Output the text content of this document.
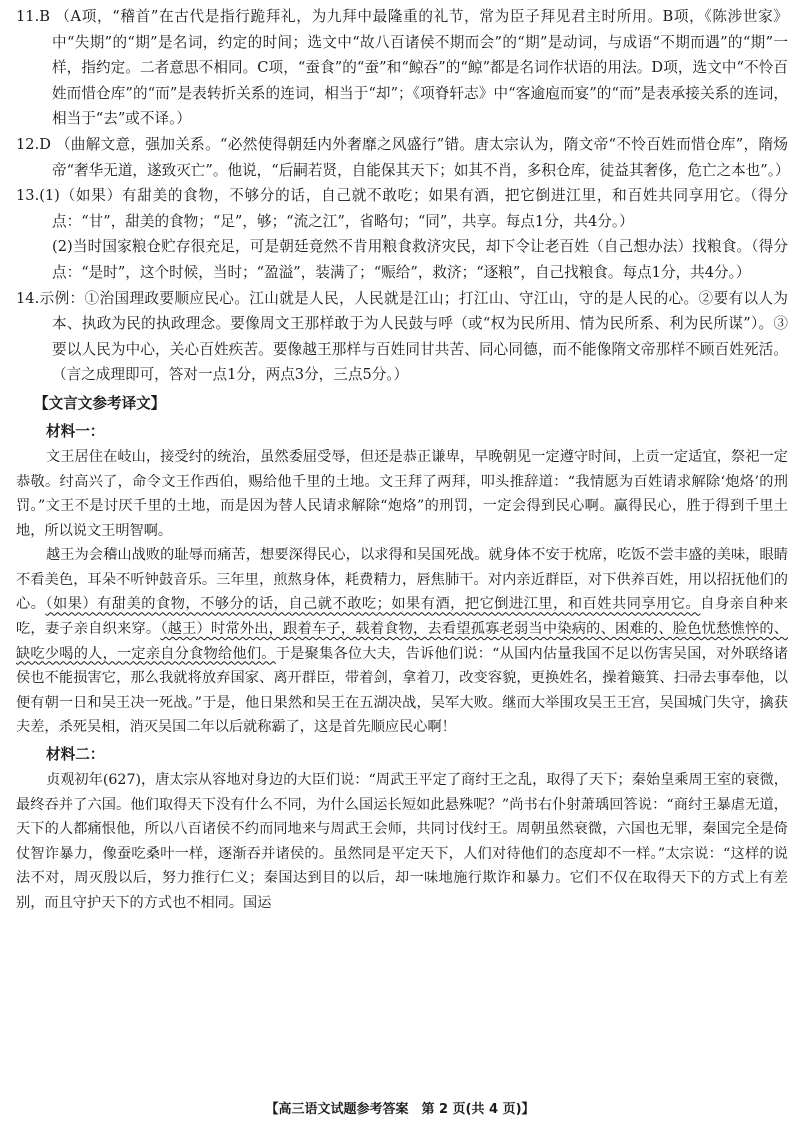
11.B （A项，“稽首”在古代是指行跪拜礼，为九拜中最隆重的礼节，常为臣子拜见君主时所用。B项，《陈涉世家》中“失期”的“期”是名词，约定的时间；选文中“故八百诸侯不期而会”的“期”是动词，与成语“不期而遇”的“期”一样，指约定。二者意思不相同。C项，“蚕食”的“蚕”和“鲸吞”的“鲸”都是名词作状语的用法。D项，选文中“不怜百姓而惜仓库”的“而”是表转折关系的连词，相当于“却”；《项脊轩志》中“客逾庖而宴”的“而”是表承接关系的连词，相当于“去”或不译。）

12.D （曲解文意，强加关系。“必然使得朝廷内外奢靡之风盛行”错。唐太宗认为，隋文帝“不怜百姓而惜仓库”，隋炀帝“奢华无道，遂致灭亡”。他说，“后嗣若贤，自能保其天下；如其不肖，多积仓库，徒益其奢侈，危亡之本也”。）

13.(1)（如果）有甜美的食物，不够分的话，自己就不敢吃；如果有酒，把它倒进江里，和百姓共同享用它。（得分点：“甘”，甜美的食物；“足”，够；“流之江”，省略句；“同”，共享。每点1分，共4分。）

(2)当时国家粮仓贮存很充足，可是朝廷竟然不肯用粮食救济灾民，却下令让老百姓（自己想办法）找粮食。（得分点：“是时”，这个时候，当时；“盈溢”，装满了；“赈给”，救济；“逐粮”，自己找粮食。每点1分，共4分。）

14.示例：①治国理政要顺应民心。江山就是人民，人民就是江山；打江山、守江山，守的是人民的心。②要有以人为本、执政为民的执政理念。要像周文王那样敢于为人民鼓与呼（或“权为民所用、情为民所系、利为民所谋”）。③要以人民为中心，关心百姓疾苦。要像越王那样与百姓同甘共苦、同心同德，而不能像隋文帝那样不顾百姓死活。（言之成理即可，答对一点1分，两点3分，三点5分。）

【文言文参考译文】
材料一：

文王居住在岐山，接受纣的统治，虽然委屈受辱，但还是恭正谦卑，早晚朝见一定遵守时间，上贡一定适宜，祭祀一定恭敬。纣高兴了，命令文王作西伯，赐给他千里的土地。文王拜了两拜，叩头推辞道：“我情愿为百姓请求解除‘炮烙’的刑罚。”文王不是讨厌千里的土地，而是因为替人民请求解除“炮烙”的刑罚，一定会得到民心啊。赢得民心，胜于得到千里土地，所以说文王明智啊。

越王为会稽山战败的耻辱而痛苦，想要深得民心，以求得和吴国死战。就身体不安于枕席，吃饭不尝丰盛的美味，眼睛不看美色，耳朵不听钟鼓音乐。三年里，煎熬身体，耗费精力，唇焦肺干。对内亲近群臣，对下供养百姓，用以招抚他们的心。（如果）有甜美的食物，不够分的话，自己就不敢吃；如果有酒，把它倒进江里，和百姓共同享用它。自身亲自种来吃，妻子亲自织来穿。（越王）时常外出，跟着车子，载着食物，去看望孤寡老弱当中染病的、困难的、脸色忧愁憔悴的、缺吃少喝的人，一定亲自分食物给他们。于是聚集各位大夫，告诉他们说：“从国内估量我国不足以伤害吴国，对外联络诸侯也不能损害它，那么我就将放弃国家、离开群臣，带着剑，拿着刀，改变容貌，更换姓名，操着簸箕、扫帚去事奉他，以便有朝一日和吴王决一死战。”于是，他日果然和吴王在五湖决战，吴军大败。继而大举围攻吴王王宫，吴国城门失守，擒获夫差，杀死吴相，消灭吴国二年以后就称霸了，这是首先顺应民心啊！

材料二：

贞观初年(627)，唐太宗从容地对身边的大臣们说：“周武王平定了商纣王之乱，取得了天下；秦始皇乘周王室的衰微，最终吞并了六国。他们取得天下没有什么不同，为什么国运长短如此悬殊呢？”尚书右仆射萧瑀回答说：“商纣王暴虐无道，天下的人都痛恨他，所以八百诸侯不约而同地来与周武王会师，共同讨伐纣王。周朝虽然衰微，六国也无罪，秦国完全是倚仗智诈暴力，像蚕吃桑叶一样，逐渐吞并诸侯的。虽然同是平定天下，人们对待他们的态度却不一样。”太宗说：“这样的说法不对，周灭殷以后，努力推行仁义；秦国达到目的以后，却一味地施行欺诈和暴力。它们不仅在取得天下的方式上有差别，而且守护天下的方式也不相同。国运

【高三语文试题参考答案　第 2 页(共 4 页)】
